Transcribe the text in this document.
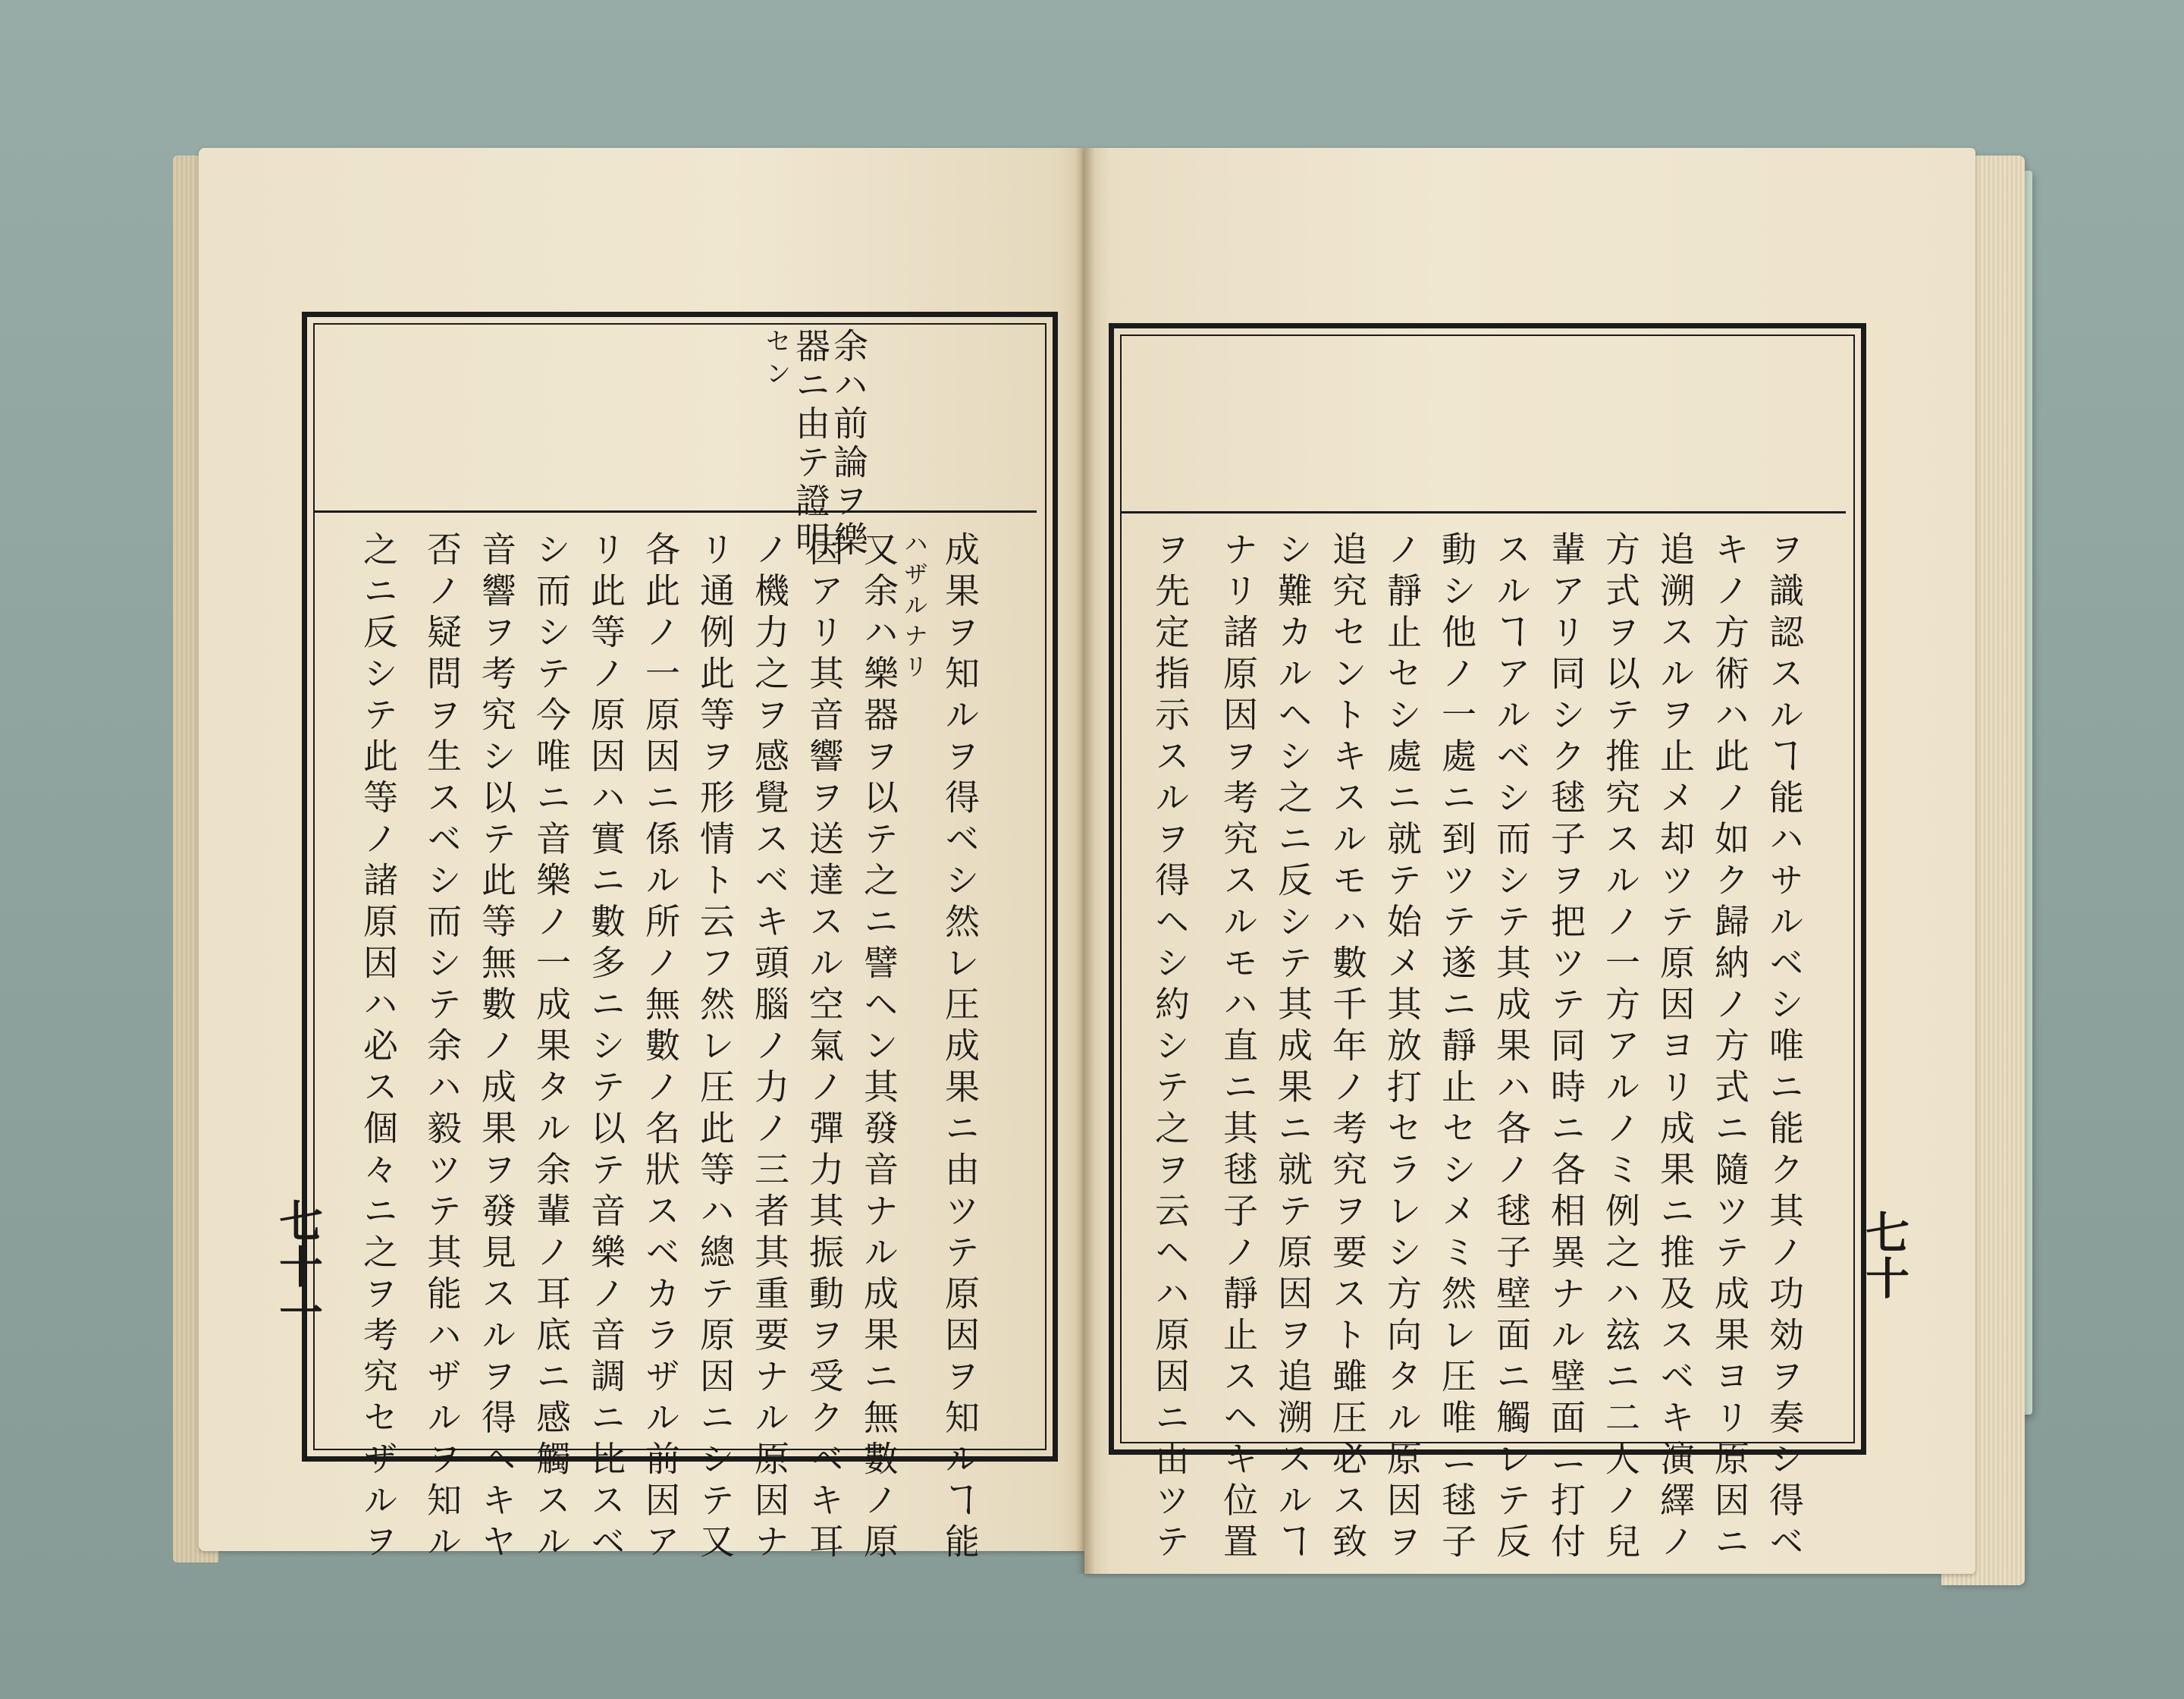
余ハ前論ヲ樂
器ニ由テ證明
セン
成果ヲ知ルヲ得ベシ然レ圧成果ニ由ツテ原因ヲ知ルヿ能
ハザルナリ
又余ハ樂器ヲ以テ之ニ譬ヘン其發音ナル成果ニ無數ノ原
因アリ其音響ヲ送達スル空氣ノ彈力其振動ヲ受クベキ耳
ノ機力之ヲ感覺スベキ頭腦ノ力ノ三者其重要ナル原因ナ
リ通例此等ヲ形情ト云フ然レ圧此等ハ總テ原因ニシテ又
各此ノ一原因ニ係ル所ノ無數ノ名狀スベカラザル前因ア
リ此等ノ原因ハ實ニ數多ニシテ以テ音樂ノ音調ニ比スベ
シ而シテ今唯ニ音樂ノ一成果タル余輩ノ耳底ニ感觸スル
音響ヲ考究シ以テ此等無數ノ成果ヲ發見スルヲ得ヘキヤ
否ノ疑問ヲ生スベシ而シテ余ハ毅ツテ其能ハザルヲ知ル
之ニ反シテ此等ノ諸原因ハ必ス個々ニ之ヲ考究セザルヲ
七十一	ヲ識認スルヿ能ハサルベシ唯ニ能ク其ノ功効ヲ奏シ得ベ
キノ方術ハ此ノ如ク歸納ノ方式ニ隨ツテ成果ヨリ原因ニ
追溯スルヲ止メ却ツテ原因ヨリ成果ニ推及スベキ演繹ノ
方式ヲ以テ推究スルノ一方アルノミ例之ハ玆ニ二人ノ兒
輩アリ同シク毬子ヲ把ツテ同時ニ各相異ナル壁面ニ打付
スルヿアルベシ而シテ其成果ハ各ノ毬子壁面ニ觸レテ反
動シ他ノ一處ニ到ツテ遂ニ靜止セシメミ然レ圧唯ニ毬子
ノ靜止セシ處ニ就テ始メ其放打セラレシ方向タル原因ヲ
追究セントキスルモハ數千年ノ考究ヲ要スト雖圧必ス致
シ難カルヘシ之ニ反シテ其成果ニ就テ原因ヲ追溯スルヿ
ナリ諸原因ヲ考究スルモハ直ニ其毬子ノ靜止スヘキ位置
ヲ先定指示スルヲ得ヘシ約シテ之ヲ云ヘハ原因ニ由ツテ	七十
